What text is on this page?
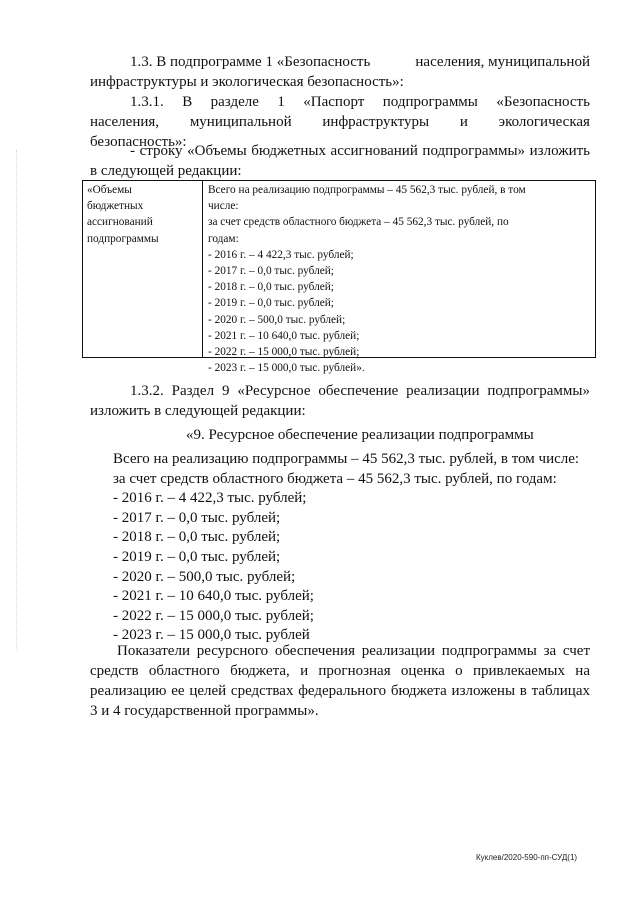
1.3. В подпрограмме 1 «Безопасность	населения, муниципальной
инфраструктуры и экологическая безопасность»:
1.3.1. В разделе 1 «Паспорт подпрограммы «Безопасность
населения, муниципальной инфраструктуры и экологическая
безопасность»:
- строку «Объемы бюджетных ассигнований подпрограммы» изложить
в следующей редакции:
«Объемы
бюджетных
ассигнований
подпрограммы
Всего на реализацию подпрограммы – 45 562,3 тыс. рублей, в том
числе:
за счет средств областного бюджета – 45 562,3 тыс. рублей, по
годам:
- 2016 г. – 4 422,3 тыс. рублей;
- 2017 г. – 0,0 тыс. рублей;
- 2018 г. – 0,0 тыс. рублей;
- 2019 г. – 0,0 тыс. рублей;
- 2020 г. – 500,0 тыс. рублей;
- 2021 г. – 10 640,0 тыс. рублей;
- 2022 г. – 15 000,0 тыс. рублей;
- 2023 г. – 15 000,0 тыс. рублей».
1.3.2. Раздел 9 «Ресурсное обеспечение реализации подпрограммы»
изложить в следующей редакции:
«9. Ресурсное обеспечение реализации подпрограммы
Всего на реализацию подпрограммы – 45 562,3 тыс. рублей, в том числе:
за счет средств областного бюджета – 45 562,3 тыс. рублей, по годам:
- 2016 г. – 4 422,3 тыс. рублей;
- 2017 г. – 0,0 тыс. рублей;
- 2018 г. – 0,0 тыс. рублей;
- 2019 г. – 0,0 тыс. рублей;
- 2020 г. – 500,0 тыс. рублей;
- 2021 г. – 10 640,0 тыс. рублей;
- 2022 г. – 15 000,0 тыс. рублей;
- 2023 г. – 15 000,0 тыс. рублей
Показатели ресурсного обеспечения реализации подпрограммы за счет
средств областного бюджета, и прогнозная оценка о привлекаемых на
реализацию ее целей средствах федерального бюджета изложены в таблицах
3 и 4 государственной программы».
Куклев/2020-590-пп-СУД(1)
